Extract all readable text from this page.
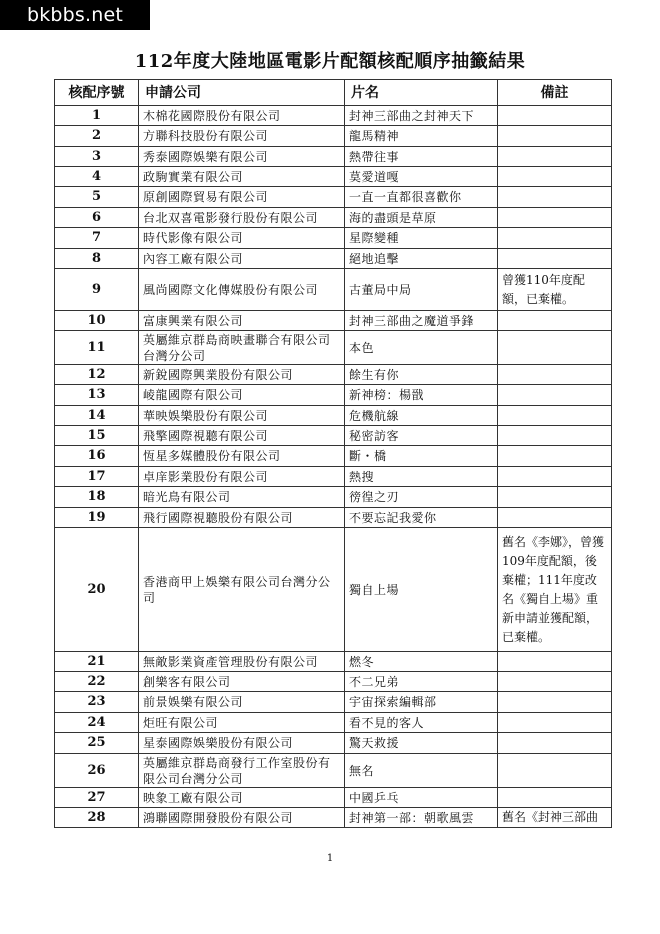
bkbbs.net
112年度大陸地區電影片配額核配順序抽籤結果
核配序號	申請公司	片名	備註
1	木棉花國際股份有限公司	封神三部曲之封神天下	
2	方聯科技股份有限公司	龍馬精神	
3	秀泰國際娛樂有限公司	熱帶往事	
4	政駒實業有限公司	莫愛道嘎	
5	原創國際貿易有限公司	一直一直都很喜歡你	
6	台北双喜電影發行股份有限公司	海的盡頭是草原	
7	時代影像有限公司	星際變種	
8	內容工廠有限公司	絕地追擊	
9	風尚國際文化傳媒股份有限公司	古董局中局	曾獲110年度配額，已棄權。
10	富康興業有限公司	封神三部曲之魔道爭鋒	
11	英屬維京群島商映畫聯合有限公司台灣分公司	本色	
12	新銳國際興業股份有限公司	餘生有你	
13	崚龍國際有限公司	新神榜：楊戩	
14	華映娛樂股份有限公司	危機航線	
15	飛擎國際視聽有限公司	秘密訪客	
16	恆星多媒體股份有限公司	斷・橋	
17	卓庠影業股份有限公司	熱搜	
18	暗光鳥有限公司	徬徨之刃	
19	飛行國際視聽股份有限公司	不要忘記我愛你	
20	香港商甲上娛樂有限公司台灣分公司	獨自上場	舊名《李娜》，曾獲109年度配額，後棄權；111年度改名《獨自上場》重新申請並獲配額，已棄權。
21	無敵影業資產管理股份有限公司	燃冬	
22	創樂客有限公司	不二兄弟	
23	前景娛樂有限公司	宇宙探索編輯部	
24	炬旺有限公司	看不見的客人	
25	星泰國際娛樂股份有限公司	驚天救援	
26	英屬維京群島商發行工作室股份有限公司台灣分公司	無名	
27	映象工廠有限公司	中國乒乓	
28	鴻聯國際開發股份有限公司	封神第一部：朝歌風雲	舊名《封神三部曲
1
